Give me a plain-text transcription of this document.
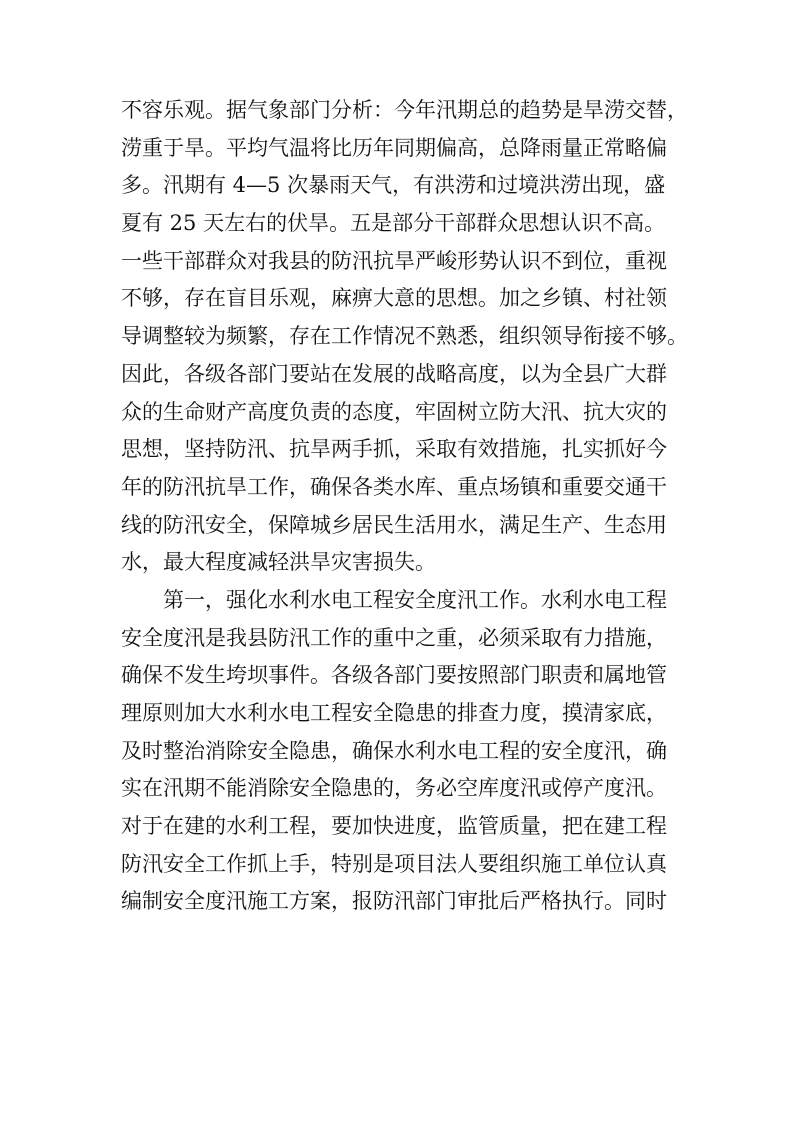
不容乐观。据气象部门分析：今年汛期总的趋势是旱涝交替，
涝重于旱。平均气温将比历年同期偏高，总降雨量正常略偏
多。汛期有 4—5 次暴雨天气，有洪涝和过境洪涝出现，盛
夏有 25 天左右的伏旱。五是部分干部群众思想认识不高。
一些干部群众对我县的防汛抗旱严峻形势认识不到位，重视
不够，存在盲目乐观，麻痹大意的思想。加之乡镇、村社领
导调整较为频繁，存在工作情况不熟悉，组织领导衔接不够。
因此，各级各部门要站在发展的战略高度，以为全县广大群
众的生命财产高度负责的态度，牢固树立防大汛、抗大灾的
思想，坚持防汛、抗旱两手抓，采取有效措施，扎实抓好今
年的防汛抗旱工作，确保各类水库、重点场镇和重要交通干
线的防汛安全，保障城乡居民生活用水，满足生产、生态用
水，最大程度减轻洪旱灾害损失。
第一，强化水利水电工程安全度汛工作。水利水电工程
安全度汛是我县防汛工作的重中之重，必须采取有力措施，
确保不发生垮坝事件。各级各部门要按照部门职责和属地管
理原则加大水利水电工程安全隐患的排查力度，摸清家底，
及时整治消除安全隐患，确保水利水电工程的安全度汛，确
实在汛期不能消除安全隐患的，务必空库度汛或停产度汛。
对于在建的水利工程，要加快进度，监管质量，把在建工程
防汛安全工作抓上手，特别是项目法人要组织施工单位认真
编制安全度汛施工方案，报防汛部门审批后严格执行。同时
